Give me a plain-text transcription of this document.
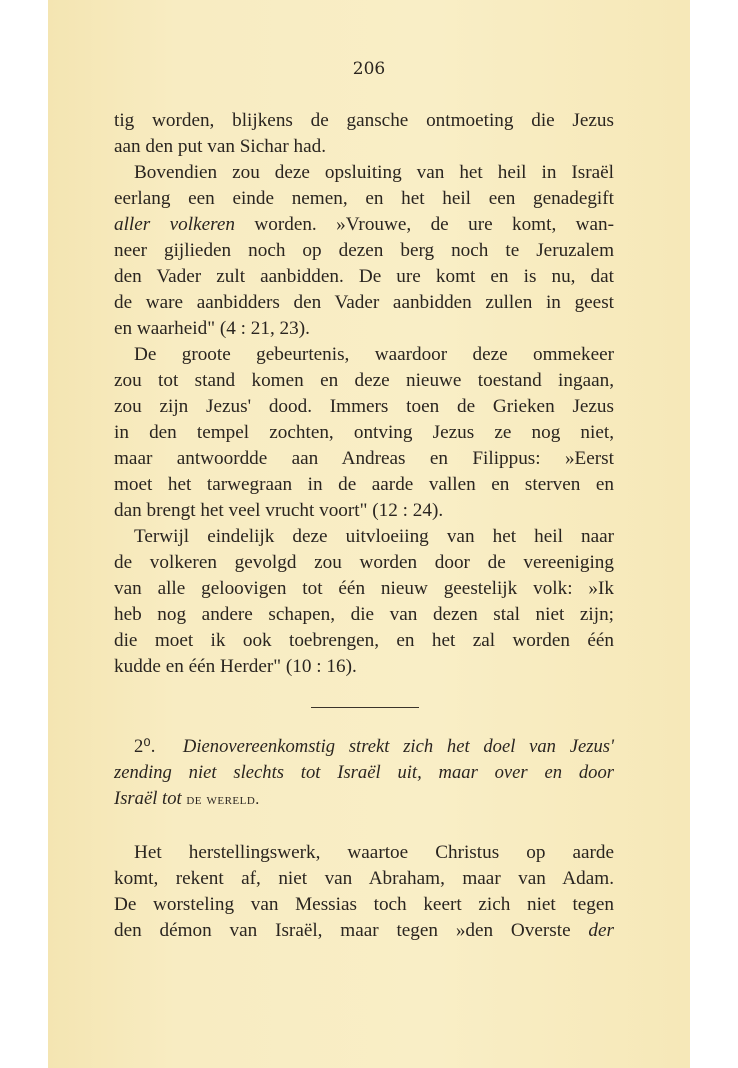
206
tig worden, blijkens de gansche ontmoeting die Jezus
aan den put van Sichar had.
Bovendien zou deze opsluiting van het heil in Israël
eerlang een einde nemen, en het heil een genadegift
aller volkeren worden. »Vrouwe, de ure komt, wan-
neer gijlieden noch op dezen berg noch te Jeruzalem
den Vader zult aanbidden. De ure komt en is nu, dat
de ware aanbidders den Vader aanbidden zullen in geest
en waarheid" (4 : 21, 23).
De groote gebeurtenis, waardoor deze ommekeer
zou tot stand komen en deze nieuwe toestand ingaan,
zou zijn Jezus' dood. Immers toen de Grieken Jezus
in den tempel zochten, ontving Jezus ze nog niet,
maar antwoordde aan Andreas en Filippus: »Eerst
moet het tarwegraan in de aarde vallen en sterven en
dan brengt het veel vrucht voort" (12 : 24).
Terwijl eindelijk deze uitvloeiing van het heil naar
de volkeren gevolgd zou worden door de vereeniging
van alle geloovigen tot één nieuw geestelijk volk: »Ik
heb nog andere schapen, die van dezen stal niet zijn;
die moet ik ook toebrengen, en het zal worden één
kudde en één Herder" (10 : 16).
2⁰. Dienovereenkomstig strekt zich het doel van Jezus'
zending niet slechts tot Israël uit, maar over en door
Israël tot de wereld.
Het herstellingswerk, waartoe Christus op aarde
komt, rekent af, niet van Abraham, maar van Adam.
De worsteling van Messias toch keert zich niet tegen
den démon van Israël, maar tegen »den Overste der
